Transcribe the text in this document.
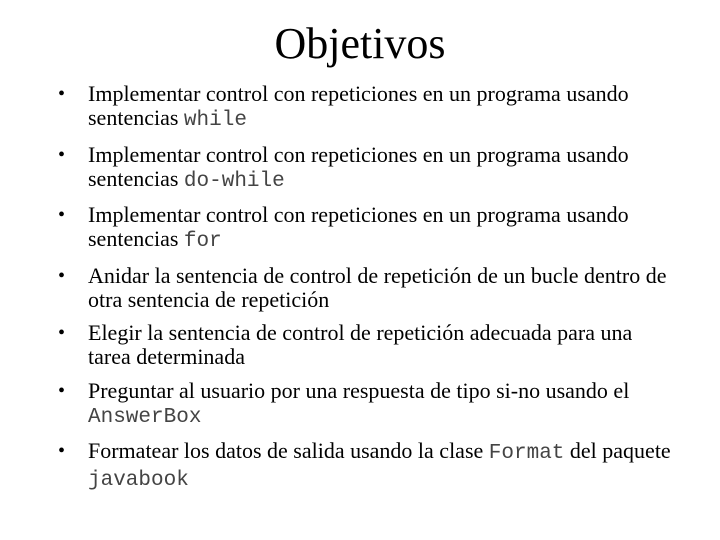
Objetivos
•	Implementar control con repeticiones en un programa usando sentencias while
•	Implementar control con repeticiones en un programa usando sentencias do-while
•	Implementar control con repeticiones en un programa usando sentencias for
•	Anidar la sentencia de control de repetición de un bucle dentro de otra sentencia de repetición
•	Elegir la sentencia de control de repetición adecuada para una tarea determinada
•	Preguntar al usuario por una respuesta de tipo si-no usando el AnswerBox
•	Formatear los datos de salida usando la clase Format del paquete javabook
